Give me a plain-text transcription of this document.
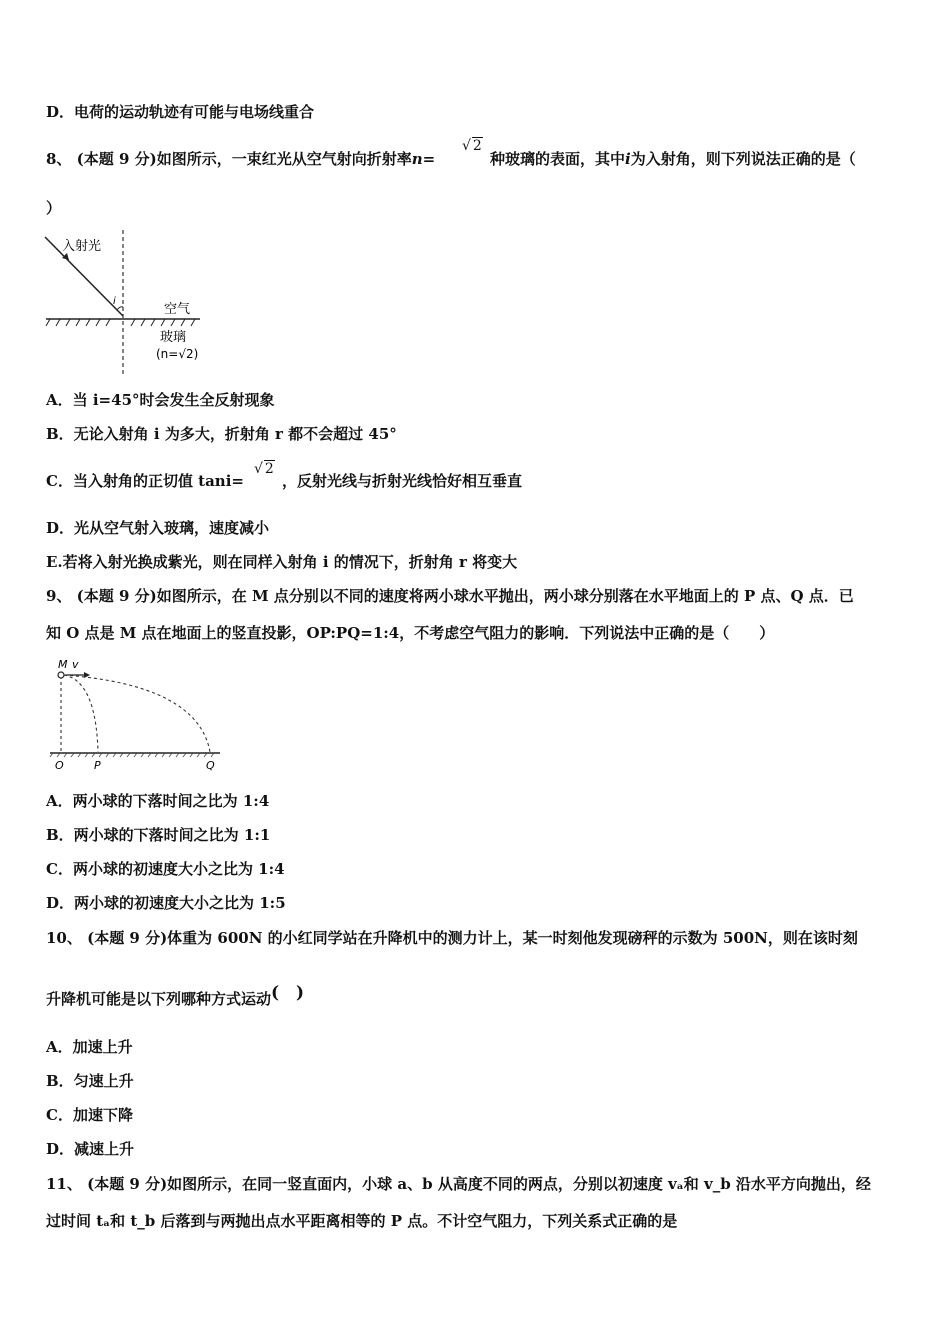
D．电荷的运动轨迹有可能与电场线重合
8、 (本题 9 分)如图所示，一束红光从空气射向折射率n=
√ 2
种玻璃的表面，其中i为入射角，则下列说法正确的是（
）
入射光
i
空气
玻璃
(n=√2)
A．当 i=45°时会发生全反射现象
B．无论入射角 i 为多大，折射角 r 都不会超过 45°
C．当入射角的正切值 tani=
√ 2
，反射光线与折射光线恰好相互垂直
D．光从空气射入玻璃，速度减小
E.若将入射光换成紫光，则在同样入射角 i 的情况下，折射角 r 将变大
9、 (本题 9 分)如图所示，在 M 点分别以不同的速度将两小球水平抛出，两小球分别落在水平地面上的 P 点、Q 点．已
知 O 点是 M 点在地面上的竖直投影，OP:PQ=1:4，不考虑空气阻力的影响．下列说法中正确的是（　　）
M v
O	P	Q
A．两小球的下落时间之比为 1:4
B．两小球的下落时间之比为 1:1
C．两小球的初速度大小之比为 1:4
D．两小球的初速度大小之比为 1:5
10、 (本题 9 分)体重为 600N 的小红同学站在升降机中的测力计上，某一时刻他发现磅秤的示数为 500N，则在该时刻
升降机可能是以下列哪种方式运动(　)
A．加速上升
B．匀速上升
C．加速下降
D．减速上升
11、 (本题 9 分)如图所示，在同一竖直面内，小球 a、b 从高度不同的两点，分别以初速度 vₐ和 v_b 沿水平方向抛出，经
过时间 tₐ和 t_b 后落到与两抛出点水平距离相等的 P 点。不计空气阻力，下列关系式正确的是
